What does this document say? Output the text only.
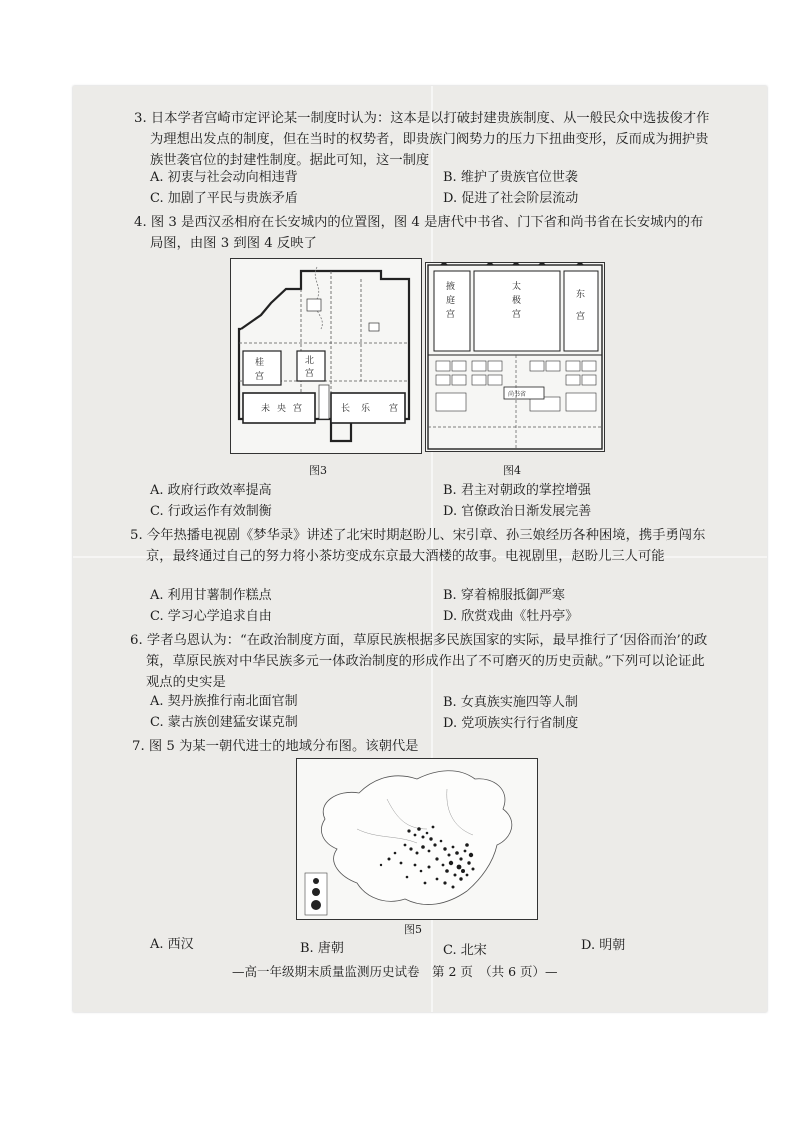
3. 日本学者宫崎市定评论某一制度时认为：这本是以打破封建贵族制度、从一般民众中选拔俊才作为理想出发点的制度，但在当时的权势者，即贵族门阀势力的压力下扭曲变形，反而成为拥护贵族世袭官位的封建性制度。据此可知，这一制度
A. 初衷与社会动向相违背	B. 维护了贵族官位世袭
C. 加剧了平民与贵族矛盾	D. 促进了社会阶层流动
4. 图 3 是西汉丞相府在长安城内的位置图，图 4 是唐代中书省、门下省和尚书省在长安城内的布局图，由图 3 到图 4 反映了
桂
宫
北
宫
未 央 宫	长 乐 宫
图3
掖
庭
宫
太
极
宫
东
宫
尚书省
图4
A. 政府行政效率提高	B. 君主对朝政的掌控增强
C. 行政运作有效制衡	D. 官僚政治日渐发展完善
5. 今年热播电视剧《梦华录》讲述了北宋时期赵盼儿、宋引章、孙三娘经历各种困境，携手勇闯东京，最终通过自己的努力将小茶坊变成东京最大酒楼的故事。电视剧里，赵盼儿三人可能
A. 利用甘薯制作糕点	B. 穿着棉服抵御严寒
C. 学习心学追求自由	D. 欣赏戏曲《牡丹亭》
6. 学者乌恩认为：“在政治制度方面，草原民族根据多民族国家的实际，最早推行了‘因俗而治’的政策，草原民族对中华民族多元一体政治制度的形成作出了不可磨灭的历史贡献。”下列可以论证此观点的史实是
A. 契丹族推行南北面官制	B. 女真族实施四等人制
C. 蒙古族创建猛安谋克制	D. 党项族实行行省制度
7. 图 5 为某一朝代进士的地域分布图。该朝代是
图5
A. 西汉	B. 唐朝	C. 北宋	D. 明朝
—高一年级期末质量监测历史试卷　第 2 页　（共 6 页）—
